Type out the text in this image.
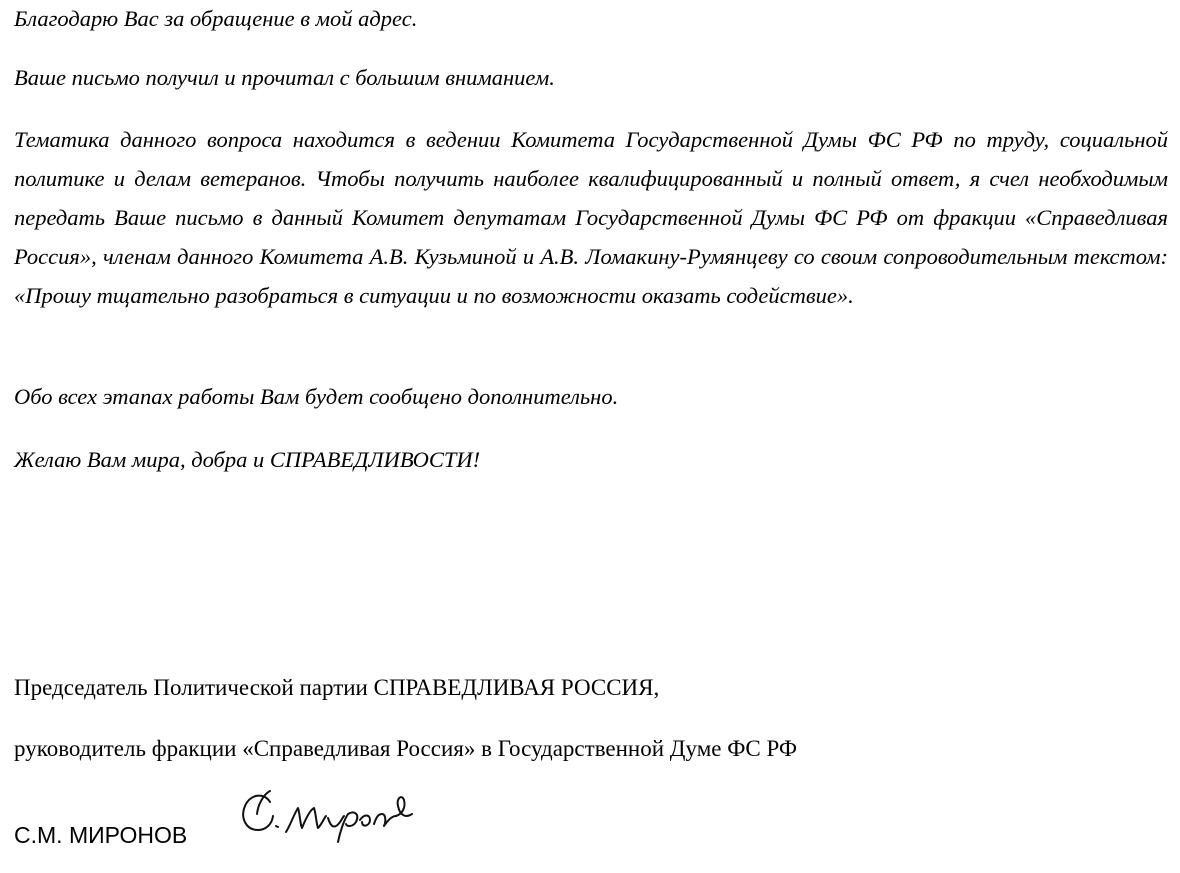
Благодарю Вас за обращение в мой адрес.

Ваше письмо получил и прочитал с большим вниманием.

Тематика данного вопроса находится в ведении Комитета Государственной Думы ФС РФ по труду, социальной политике и делам ветеранов. Чтобы получить наиболее квалифицированный и полный ответ, я счел необходимым передать Ваше письмо в данный Комитет депутатам Государственной Думы ФС РФ от фракции «Справедливая Россия», членам данного Комитета А.В. Кузьминой и А.В. Ломакину-Румянцеву со своим сопроводительным текстом: «Прошу тщательно разобраться в ситуации и по возможности оказать содействие».

Обо всех этапах работы Вам будет сообщено дополнительно.

Желаю Вам мира, добра и СПРАВЕДЛИВОСТИ!

Председатель Политической партии СПРАВЕДЛИВАЯ РОССИЯ,

руководитель фракции «Справедливая Россия» в Государственной Думе ФС РФ

С.М. МИРОНОВ
